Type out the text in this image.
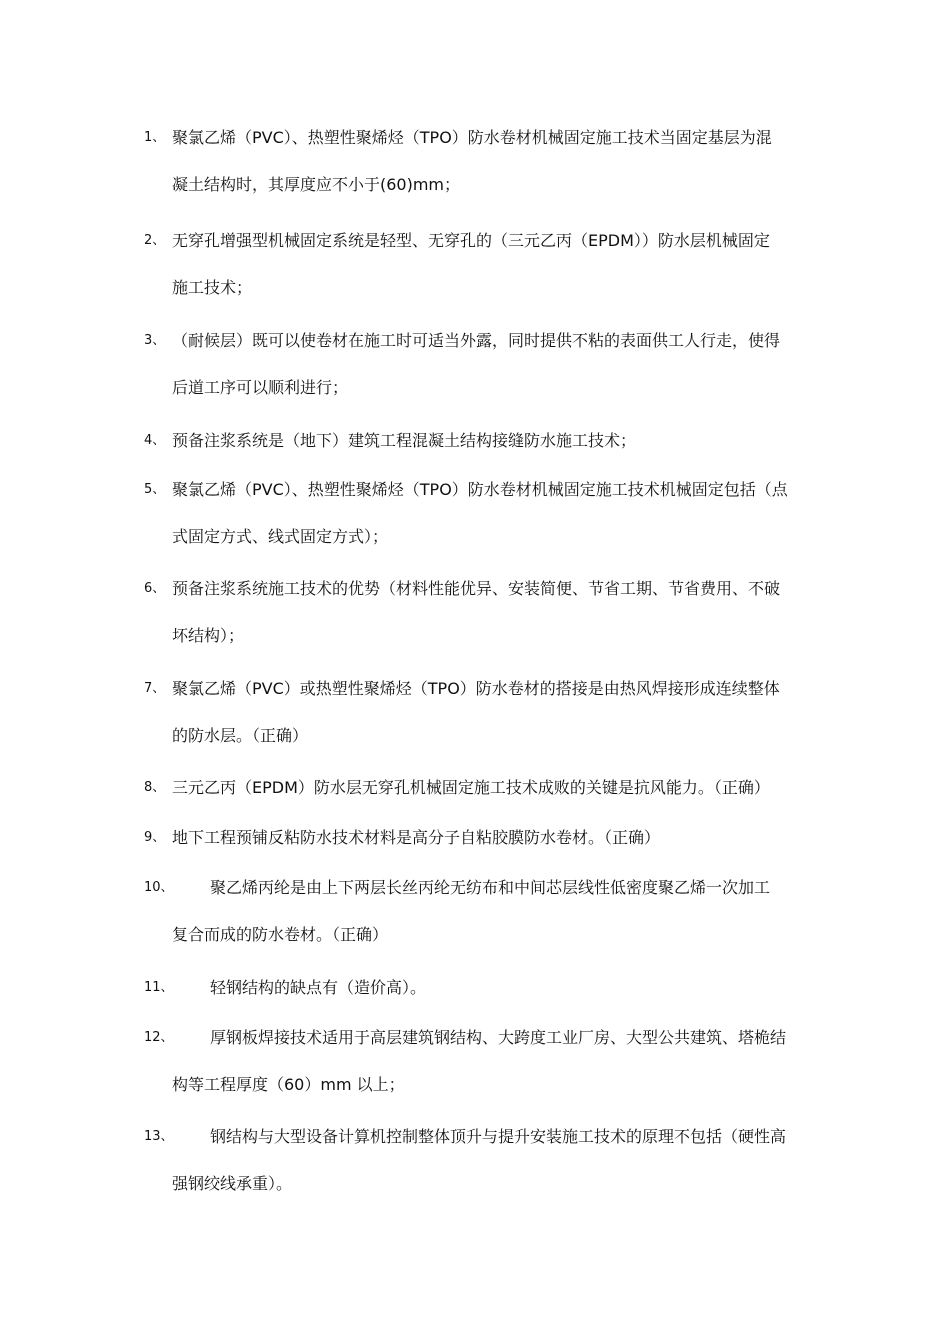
1、 聚氯乙烯（PVC）、热塑性聚烯烃（TPO）防水卷材机械固定施工技术当固定基层为混
凝土结构时，其厚度应不小于(60)mm；
2、 无穿孔增强型机械固定系统是轻型、无穿孔的（三元乙丙（EPDM））防水层机械固定
施工技术；
3、 （耐候层）既可以使卷材在施工时可适当外露，同时提供不粘的表面供工人行走，使得
后道工序可以顺利进行；
4、 预备注浆系统是（地下）建筑工程混凝土结构接缝防水施工技术；
5、 聚氯乙烯（PVC）、热塑性聚烯烃（TPO）防水卷材机械固定施工技术机械固定包括（点
式固定方式、线式固定方式）；
6、 预备注浆系统施工技术的优势（材料性能优异、安装简便、节省工期、节省费用、不破
坏结构）；
7、 聚氯乙烯（PVC）或热塑性聚烯烃（TPO）防水卷材的搭接是由热风焊接形成连续整体
的防水层。（正确）
8、 三元乙丙（EPDM）防水层无穿孔机械固定施工技术成败的关键是抗风能力。（正确）
9、 地下工程预铺反粘防水技术材料是高分子自粘胶膜防水卷材。（正确）
10、 聚乙烯丙纶是由上下两层长丝丙纶无纺布和中间芯层线性低密度聚乙烯一次加工
复合而成的防水卷材。（正确）
11、 轻钢结构的缺点有（造价高）。
12、 厚钢板焊接技术适用于高层建筑钢结构、大跨度工业厂房、大型公共建筑、塔桅结
构等工程厚度（60）mm 以上；
13、 钢结构与大型设备计算机控制整体顶升与提升安装施工技术的原理不包括（硬性高
强钢绞线承重）。
